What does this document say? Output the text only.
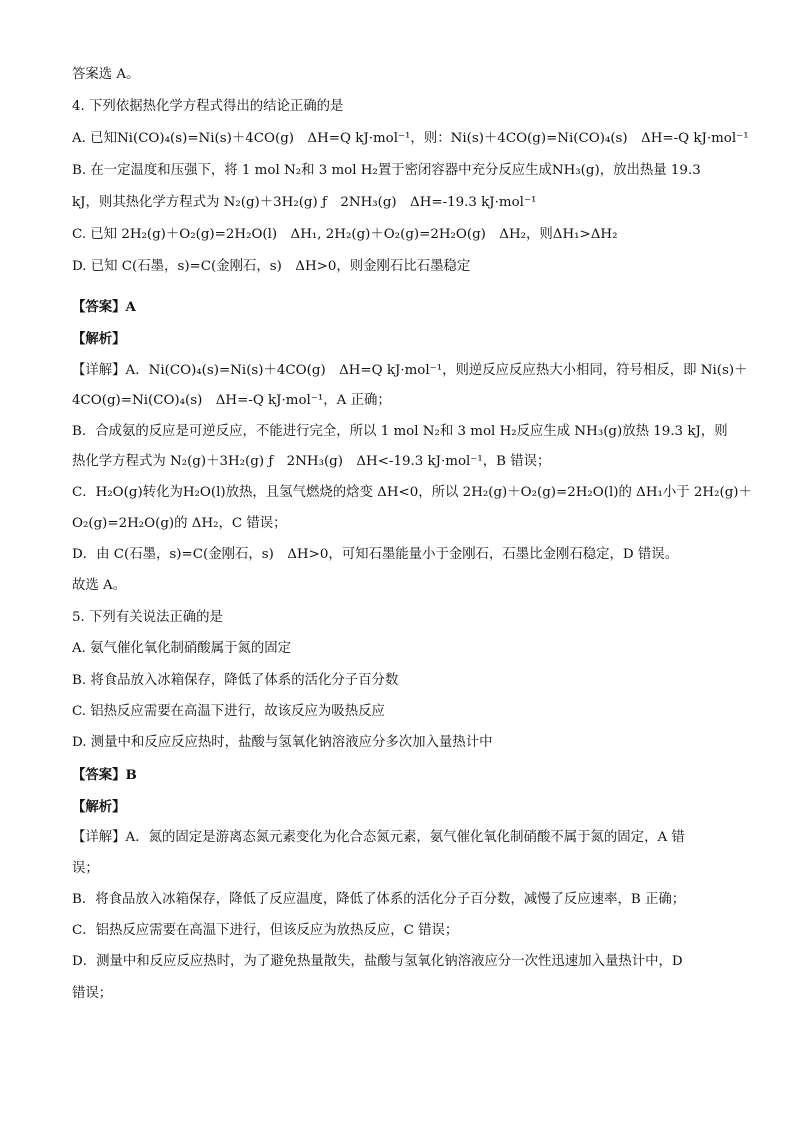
答案选 A。
4. 下列依据热化学方程式得出的结论正确的是
A. 已知Ni(CO)₄(s)=Ni(s)＋4CO(g)　ΔH=Q kJ·mol⁻¹，则：Ni(s)＋4CO(g)=Ni(CO)₄(s)　ΔH=-Q kJ·mol⁻¹
B. 在一定温度和压强下，将 1 mol N₂和 3 mol H₂置于密闭容器中充分反应生成NH₃(g)，放出热量 19.3
kJ，则其热化学方程式为 N₂(g)＋3H₂(g) ƒ　2NH₃(g)　ΔH=-19.3 kJ·mol⁻¹
C. 已知 2H₂(g)＋O₂(g)=2H₂O(l)　ΔH₁, 2H₂(g)＋O₂(g)=2H₂O(g)　ΔH₂，则ΔH₁>ΔH₂
D. 已知 C(石墨，s)=C(金刚石，s)　ΔH>0，则金刚石比石墨稳定
【答案】A
【解析】
【详解】A．Ni(CO)₄(s)=Ni(s)＋4CO(g)　ΔH=Q kJ·mol⁻¹，则逆反应反应热大小相同，符号相反，即 Ni(s)＋
4CO(g)=Ni(CO)₄(s)　ΔH=-Q kJ·mol⁻¹，A 正确；
B．合成氨的反应是可逆反应，不能进行完全，所以 1 mol N₂和 3 mol H₂反应生成 NH₃(g)放热 19.3 kJ，则
热化学方程式为 N₂(g)＋3H₂(g) ƒ　2NH₃(g)　ΔH<-19.3 kJ·mol⁻¹，B 错误；
C．H₂O(g)转化为H₂O(l)放热，且氢气燃烧的焓变 ΔH<0，所以 2H₂(g)＋O₂(g)=2H₂O(l)的 ΔH₁小于 2H₂(g)＋
O₂(g)=2H₂O(g)的 ΔH₂，C 错误；
D．由 C(石墨，s)=C(金刚石，s)　ΔH>0，可知石墨能量小于金刚石，石墨比金刚石稳定，D 错误。
故选 A。
5. 下列有关说法正确的是
A. 氨气催化氧化制硝酸属于氮的固定
B. 将食品放入冰箱保存，降低了体系的活化分子百分数
C. 铝热反应需要在高温下进行，故该反应为吸热反应
D. 测量中和反应反应热时，盐酸与氢氧化钠溶液应分多次加入量热计中
【答案】B
【解析】
【详解】A．氮的固定是游离态氮元素变化为化合态氮元素，氨气催化氧化制硝酸不属于氮的固定，A 错
误；
B．将食品放入冰箱保存，降低了反应温度，降低了体系的活化分子百分数，减慢了反应速率，B 正确；
C．铝热反应需要在高温下进行，但该反应为放热反应，C 错误；
D．测量中和反应反应热时，为了避免热量散失，盐酸与氢氧化钠溶液应分一次性迅速加入量热计中，D
错误；
